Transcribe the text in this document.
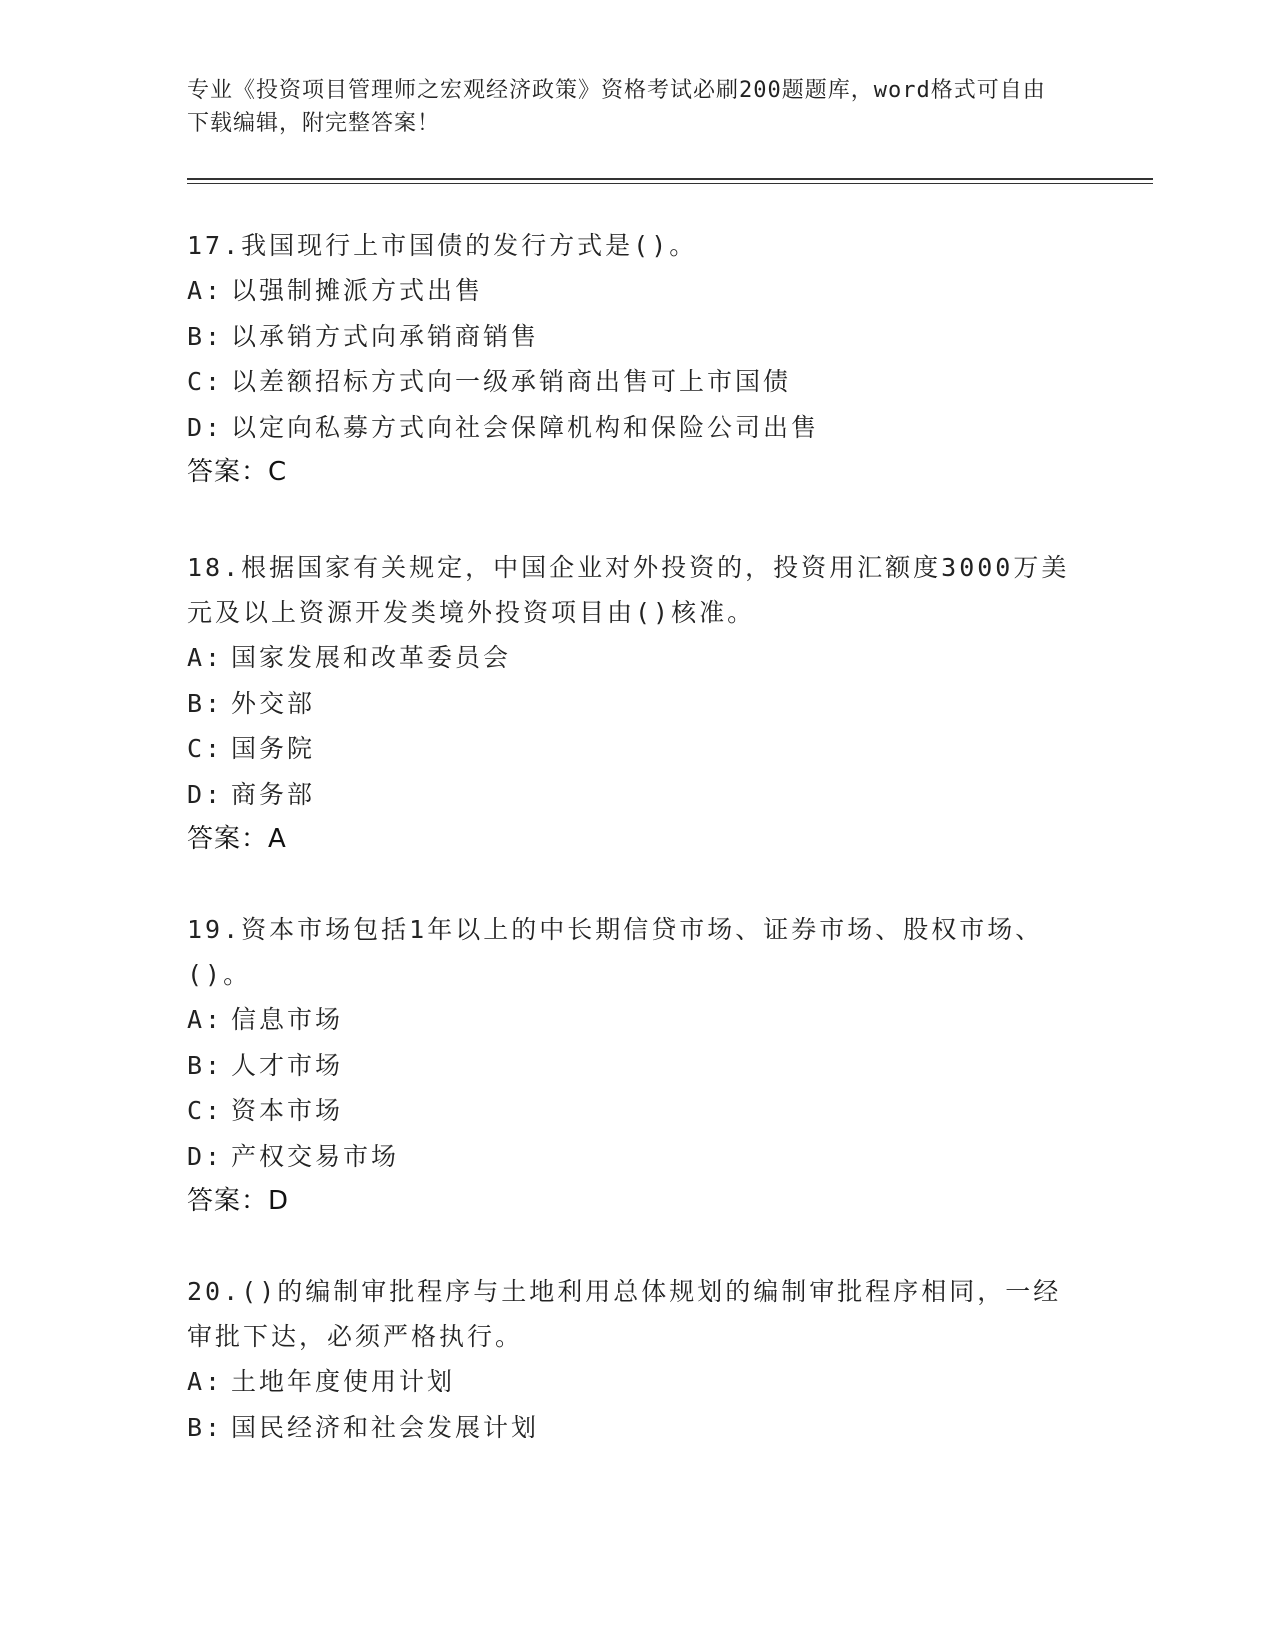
专业《投资项目管理师之宏观经济政策》资格考试必刷200题题库，word格式可自由下载编辑，附完整答案！

17.我国现行上市国债的发行方式是()。

A: 以强制摊派方式出售

B: 以承销方式向承销商销售

C: 以差额招标方式向一级承销商出售可上市国债

D: 以定向私募方式向社会保障机构和保险公司出售

答案：C

18.根据国家有关规定，中国企业对外投资的，投资用汇额度3000万美元及以上资源开发类境外投资项目由()核准。

A: 国家发展和改革委员会

B: 外交部

C: 国务院

D: 商务部

答案：A

19.资本市场包括1年以上的中长期信贷市场、证券市场、股权市场、()。

A: 信息市场

B: 人才市场

C: 资本市场

D: 产权交易市场

答案：D

20.()的编制审批程序与土地利用总体规划的编制审批程序相同，一经审批下达，必须严格执行。

A: 土地年度使用计划

B: 国民经济和社会发展计划
